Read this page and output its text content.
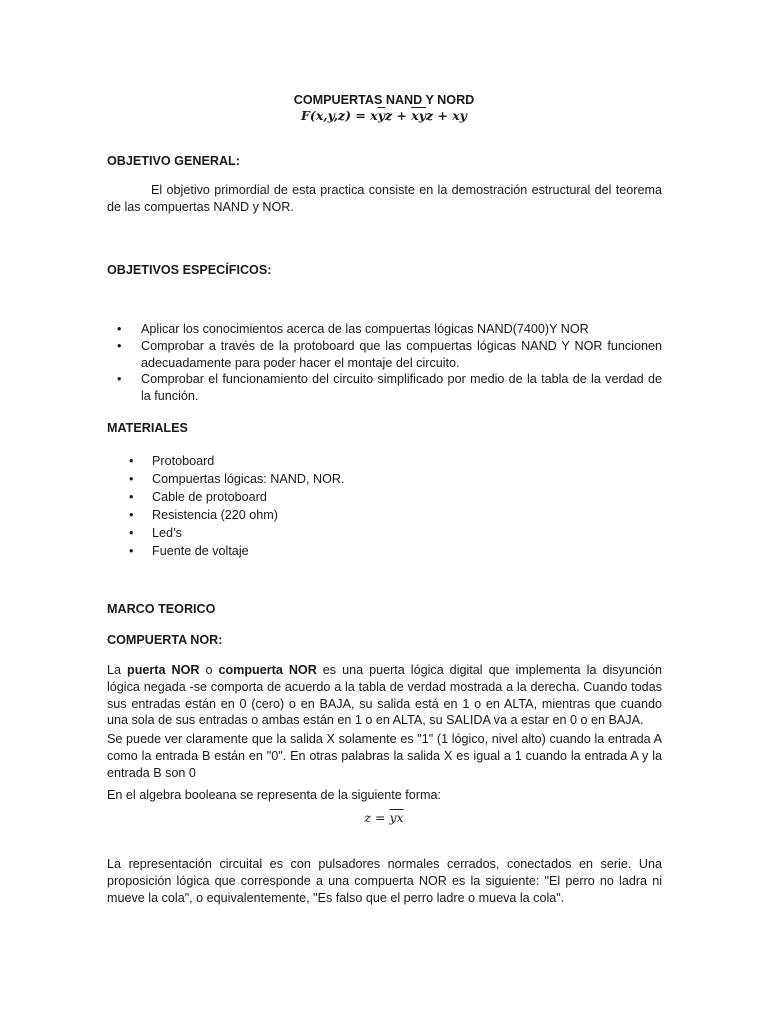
COMPUERTAS NAND Y NORD
$F(x,y,z) = x\overline{y}z + \overline{x}\overline{y}z$ + xy
OBJETIVO GENERAL:
El objetivo primordial de esta practica consiste en la demostración estructural del teorema de las compuertas NAND y NOR.
OBJETIVOS ESPECÍFICOS:
• Aplicar los conocimientos acerca de las compuertas lógicas NAND(7400)Y NOR
• Comprobar a través de la protoboard que las compuertas lógicas NAND Y NOR funcionen adecuadamente para poder hacer el montaje del circuito.
• Comprobar el funcionamiento del circuito simplificado por medio de la tabla de la verdad de la función.
MATERIALES
• Protoboard
• Compuertas lógicas: NAND, NOR.
• Cable de protoboard
• Resistencia (220 ohm)
• Led’s
• Fuente de voltaje
MARCO TEORICO
COMPUERTA NOR:
La puerta NOR o compuerta NOR es una puerta lógica digital que implementa la disyunción lógica negada -se comporta de acuerdo a la tabla de verdad mostrada a la derecha. Cuando todas sus entradas están en 0 (cero) o en BAJA, su salida está en 1 o en ALTA, mientras que cuando una sola de sus entradas o ambas están en 1 o en ALTA, su SALIDA va a estar en 0 o en BAJA.
Se puede ver claramente que la salida X solamente es "1" (1 lógico, nivel alto) cuando la entrada A como la entrada B están en "0". En otras palabras la salida X es igual a 1 cuando la entrada A y la entrada B son 0
En el algebra booleana se representa de la siguiente forma:
$z = \overline{yx}$
La representación circuital es con pulsadores normales cerrados, conectados en serie. Una proposición lógica que corresponde a una compuerta NOR es la siguiente: "El perro no ladra ni mueve la cola", o equivalentemente, "Es falso que el perro ladre o mueva la cola".
